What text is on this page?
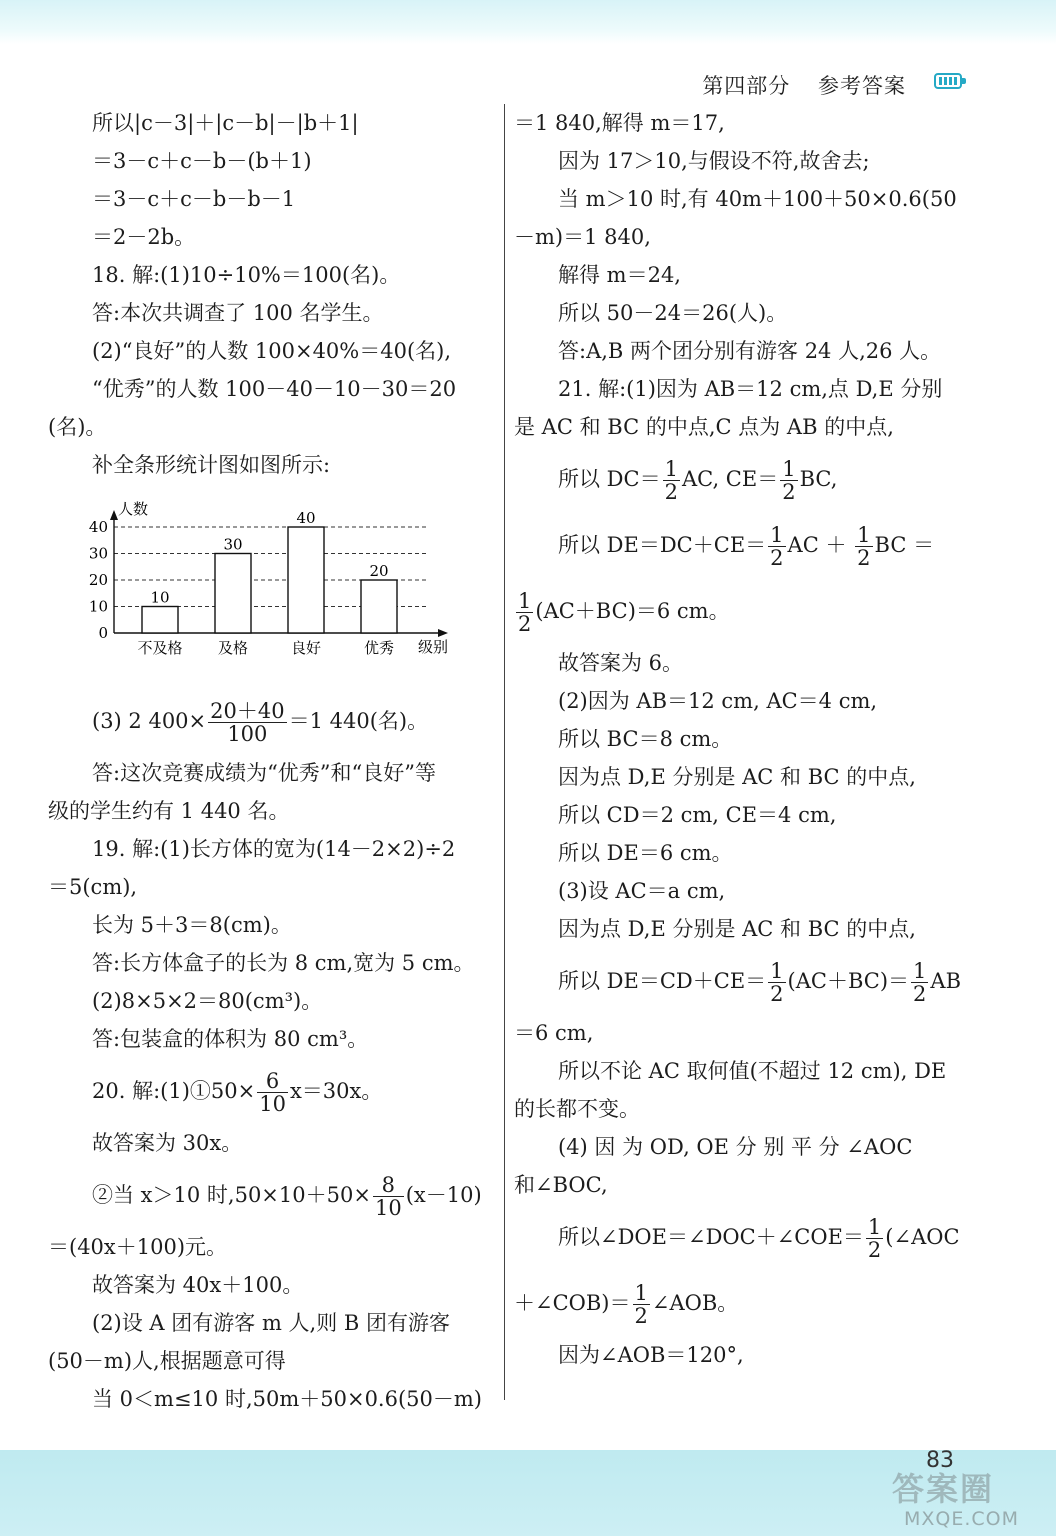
第四部分 参考答案
所以|c－3|＋|c－b|－|b＋1|
＝3－c＋c－b－(b＋1)
＝3－c＋c－b－b－1
＝2－2b。
18. 解:(1)10÷10%＝100(名)。
答:本次共调查了 100 名学生。
(2)“良好”的人数 100×40%＝40(名),
“优秀”的人数 100－40－10－30＝20
(名)。
补全条形统计图如图所示:
(3) 2 $400\times \frac{20+40}{100} =1$ 440(名)。
答:这次竞赛成绩为“优秀”和“良好”等
级的学生约有 1 440 名。
19. 解:(1)长方体的宽为(14－2×2)÷2
＝5(cm),
长为 5＋3＝8(cm)。
答:长方体盒子的长为 8 cm,宽为 5 cm。
(2)8×5×2＝80(cm³)。
答:包装盒的体积为 80 cm³。
20. 解:(1)①50× $\frac{6}{10} x=30x$。
故答案为 30x。
②当 x＞10 时$,50\times 10+50\times \frac{8}{10} (x-10)$
＝(40x＋100)元。
故答案为 40x＋100。
(2)设 A 团有游客 m 人,则 B 团有游客
(50－m)人,根据题意可得
当 0＜m≤10 时,50m＋50×0.6(50－m)
人数
级别
0
10
20
30
40
10
不及格
30
及格
40
良好
20
优秀
＝1 840,解得 m＝17,
因为 17＞10,与假设不符,故舍去;
当 m＞10 时,有 40m＋100＋50×0.6(50
－m)＝1 840,
解得 m＝24,
所以 50－24＝26(人)。
答:A,B 两个团分别有游客 24 人,26 人。
21. 解:(1)因为 AB＝12 cm,点 D,E 分别
是 AC 和 BC 的中点,C 点为 AB 的中点,
所以 $DC= \frac{1}{2}$ AC, $CE= \frac{1}{2}$ BC,
所以 $DE=DC+CE= \frac{1}{2}$ AC ＋ $\frac{1}{2}$ BC ＝
$\frac{1}{2} (AC+BC)=6$ cm。
故答案为 6。
(2)因为 AB＝12 cm, AC＝4 cm,
所以 BC＝8 cm。
因为点 D,E 分别是 AC 和 BC 的中点,
所以 CD＝2 cm, CE＝4 cm,
所以 DE＝6 cm。
(3)设 AC＝a cm,
因为点 D,E 分别是 AC 和 BC 的中点,
所以 $DE=CD+CE= \frac{1}{2} (AC+BC)= \frac{1}{2}$ AB
＝6 cm,
所以不论 AC 取何值(不超过 12 cm), DE
的长都不变。
(4) 因 为 OD, OE 分 别 平 分 ∠AOC
和∠BOC,
所以∠DOE＝∠DOC＋∠COE＝ $\frac{1}{2}$ (∠AOC
＋∠COB)＝ $\frac{1}{2}$ ∠AOB。
因为∠AOB＝120°,
83
答案圈
MXQE.COM
